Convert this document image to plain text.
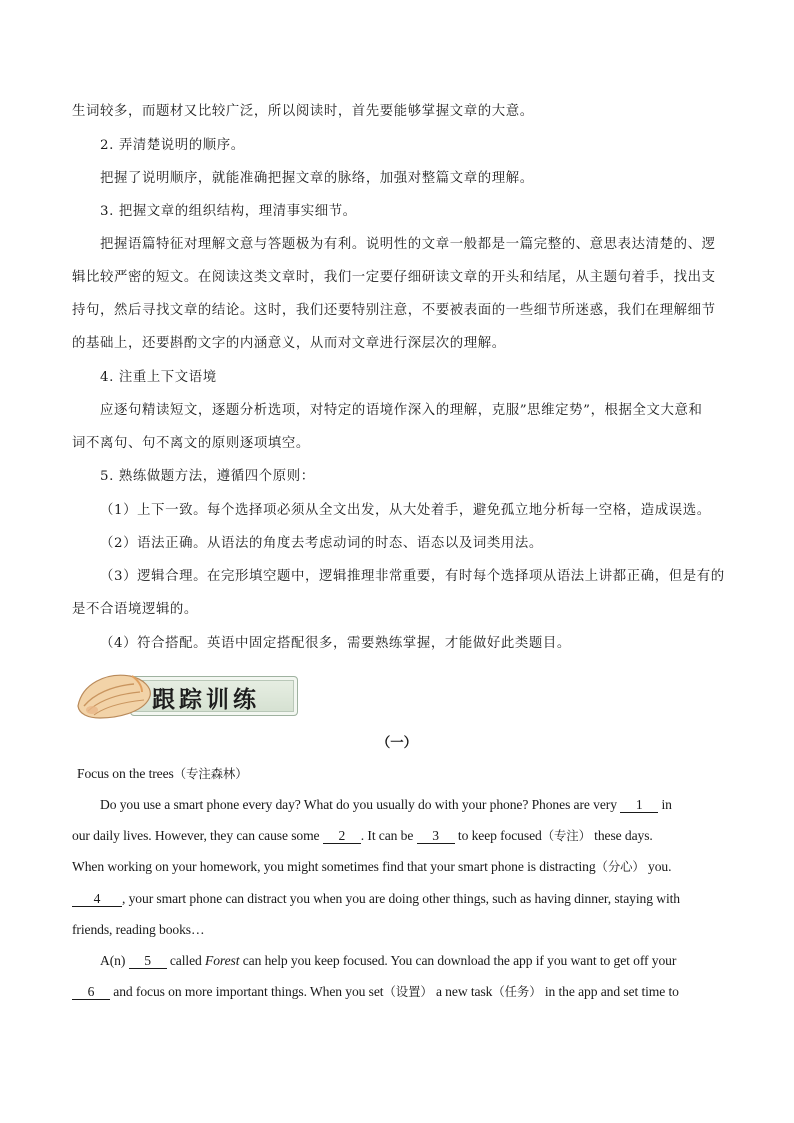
生词较多，而题材又比较广泛，所以阅读时，首先要能够掌握文章的大意。
2. 弄清楚说明的顺序。
把握了说明顺序，就能准确把握文章的脉络，加强对整篇文章的理解。
3. 把握文章的组织结构，理清事实细节。
把握语篇特征对理解文意与答题极为有利。说明性的文章一般都是一篇完整的、意思表达清楚的、逻
辑比较严密的短文。在阅读这类文章时，我们一定要仔细研读文章的开头和结尾，从主题句着手，找出支
持句，然后寻找文章的结论。这时，我们还要特别注意，不要被表面的一些细节所迷惑，我们在理解细节
的基础上，还要斟酌文字的内涵意义，从而对文章进行深层次的理解。
4. 注重上下文语境
应逐句精读短文，逐题分析选项，对特定的语境作深入的理解，克服”思维定势”，根据全文大意和
词不离句、句不离文的原则逐项填空。
5. 熟练做题方法，遵循四个原则：
（1）上下一致。每个选择项必须从全文出发，从大处着手，避免孤立地分析每一空格，造成误选。
（2）语法正确。从语法的角度去考虑动词的时态、语态以及词类用法。
（3）逻辑合理。在完形填空题中，逻辑推理非常重要，有时每个选择项从语法上讲都正确，但是有的
是不合语境逻辑的。
（4）符合搭配。英语中固定搭配很多，需要熟练掌握，才能做好此类题目。
跟踪训练
（一）
Focus on the trees（专注森林）
Do you use a smart phone every day? What do you usually do with your phone? Phones are very 1 in
our daily lives. However, they can cause some 2 . It can be 3 to keep focused（专注） these days.
When working on your homework, you might sometimes find that your smart phone is distracting（分心） you.
4 , your smart phone can distract you when you are doing other things, such as having dinner, staying with
friends, reading books…
A(n) 5 called Forest can help you keep focused. You can download the app if you want to get off your
6 and focus on more important things. When you set（设置） a new task（任务） in the app and set time to
